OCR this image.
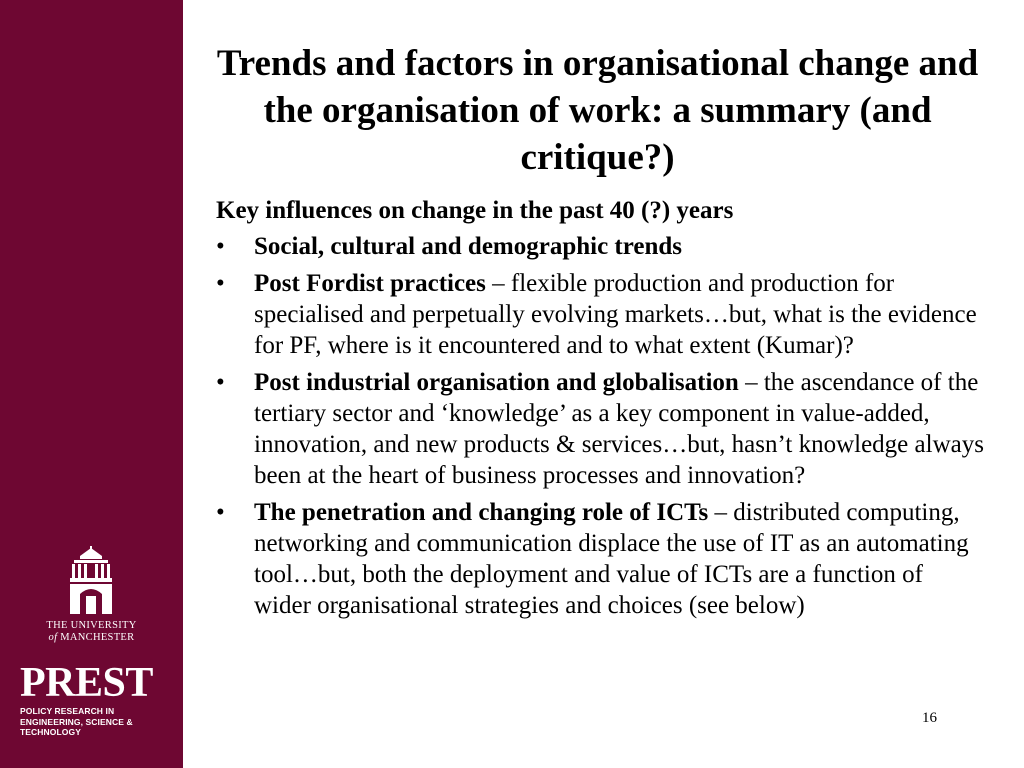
THE UNIVERSITY
of MANCHESTER
PREST
POLICY RESEARCH IN
ENGINEERING, SCIENCE & TECHNOLOGY
Trends and factors in organisational change and the organisation of work: a summary (and critique?)
Key influences on change in the past 40 (?) years
• Social, cultural and demographic trends
• Post Fordist practices – flexible production and production for specialised and perpetually evolving markets…but, what is the evidence for PF, where is it encountered and to what extent (Kumar)?
• Post industrial organisation and globalisation – the ascendance of the tertiary sector and ‘knowledge’ as a key component in value-added, innovation, and new products & services…but, hasn’t knowledge always been at the heart of business processes and innovation?
• The penetration and changing role of ICTs – distributed computing, networking and communication displace the use of IT as an automating tool…but, both the deployment and value of ICTs are a function of wider organisational strategies and choices (see below)
16
